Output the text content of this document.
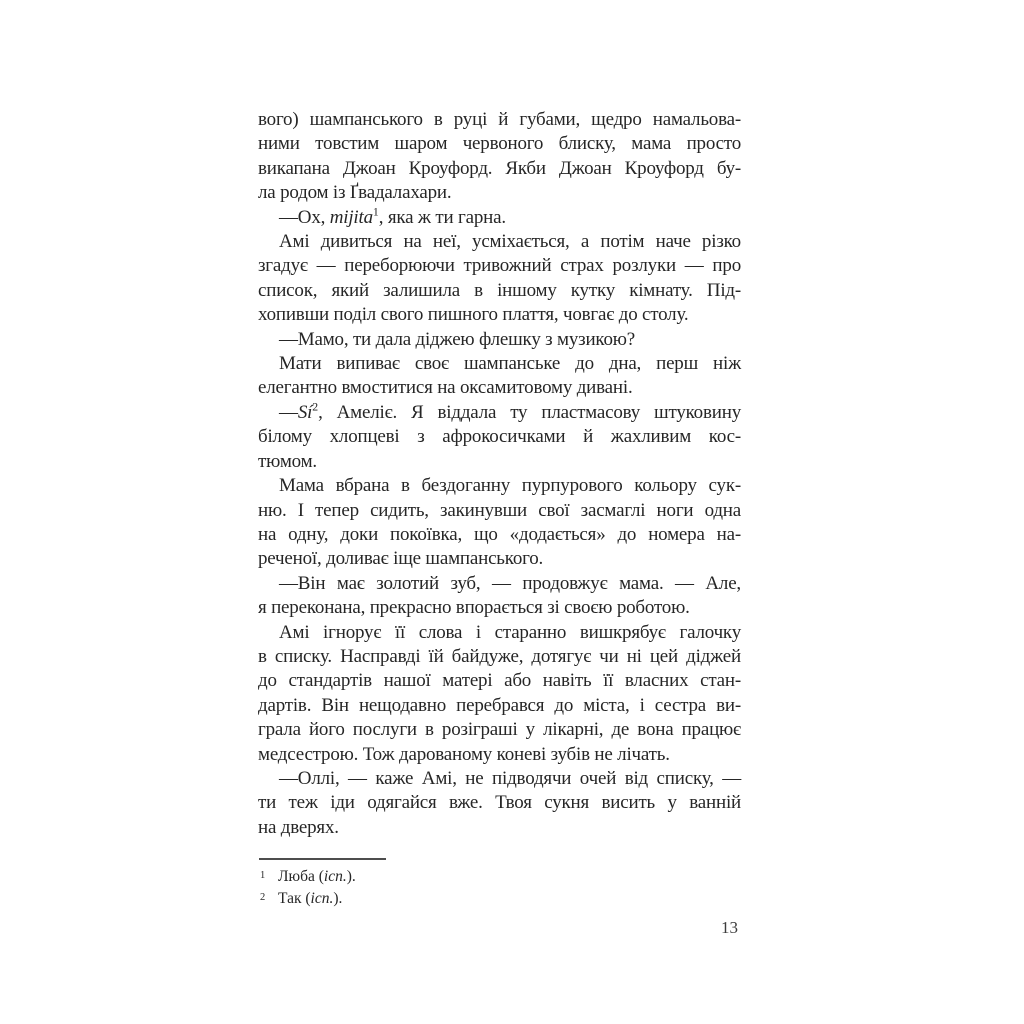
вого) шампанського в руці й губами, щедро намальова-
ними товстим шаром червоного блиску, мама просто
викапана Джоан Кроуфорд. Якби Джоан Кроуфорд бу-
ла родом із Ґвадалахари.
—Ох, mijita$^1$, яка ж ти гарна.
Амі дивиться на неї, усміхається, а потім наче різко
згадує — переборюючи тривожний страх розлуки — про
список, який залишила в іншому кутку кімнату. Під-
хопивши поділ свого пишного плаття, човгає до столу.
—Мамо, ти дала діджею флешку з музикою?
Мати випиває своє шампанське до дна, перш ніж
елегантно вмоститися на оксамитовому дивані.
$—Sí^2$, Амеліє. Я віддала ту пластмасову штуковину
білому хлопцеві з афрокосичками й жахливим кос-
тюмом.
Мама вбрана в бездоганну пурпурового кольору сук-
ню. І тепер сидить, закинувши свої засмаглі ноги одна
на одну, доки покоївка, що «додається» до номера на-
реченої, доливає іще шампанського.
—Він має золотий зуб, — продовжує мама. — Але,
я переконана, прекрасно впорається зі своєю роботою.
Амі ігнорує її слова і старанно вишкрябує галочку
в списку. Насправді їй байдуже, дотягує чи ні цей діджей
до стандартів нашої матері або навіть її власних стан-
дартів. Він нещодавно перебрався до міста, і сестра ви-
грала його послуги в розіграші у лікарні, де вона працює
медсестрою. Тож дарованому коневі зубів не лічать.
—Оллі, — каже Амі, не підводячи очей від списку, —
ти теж іди одягайся вже. Твоя сукня висить у ванній
на дверях.
1 Люба (ісп.).
2 Так (ісп.).
13
